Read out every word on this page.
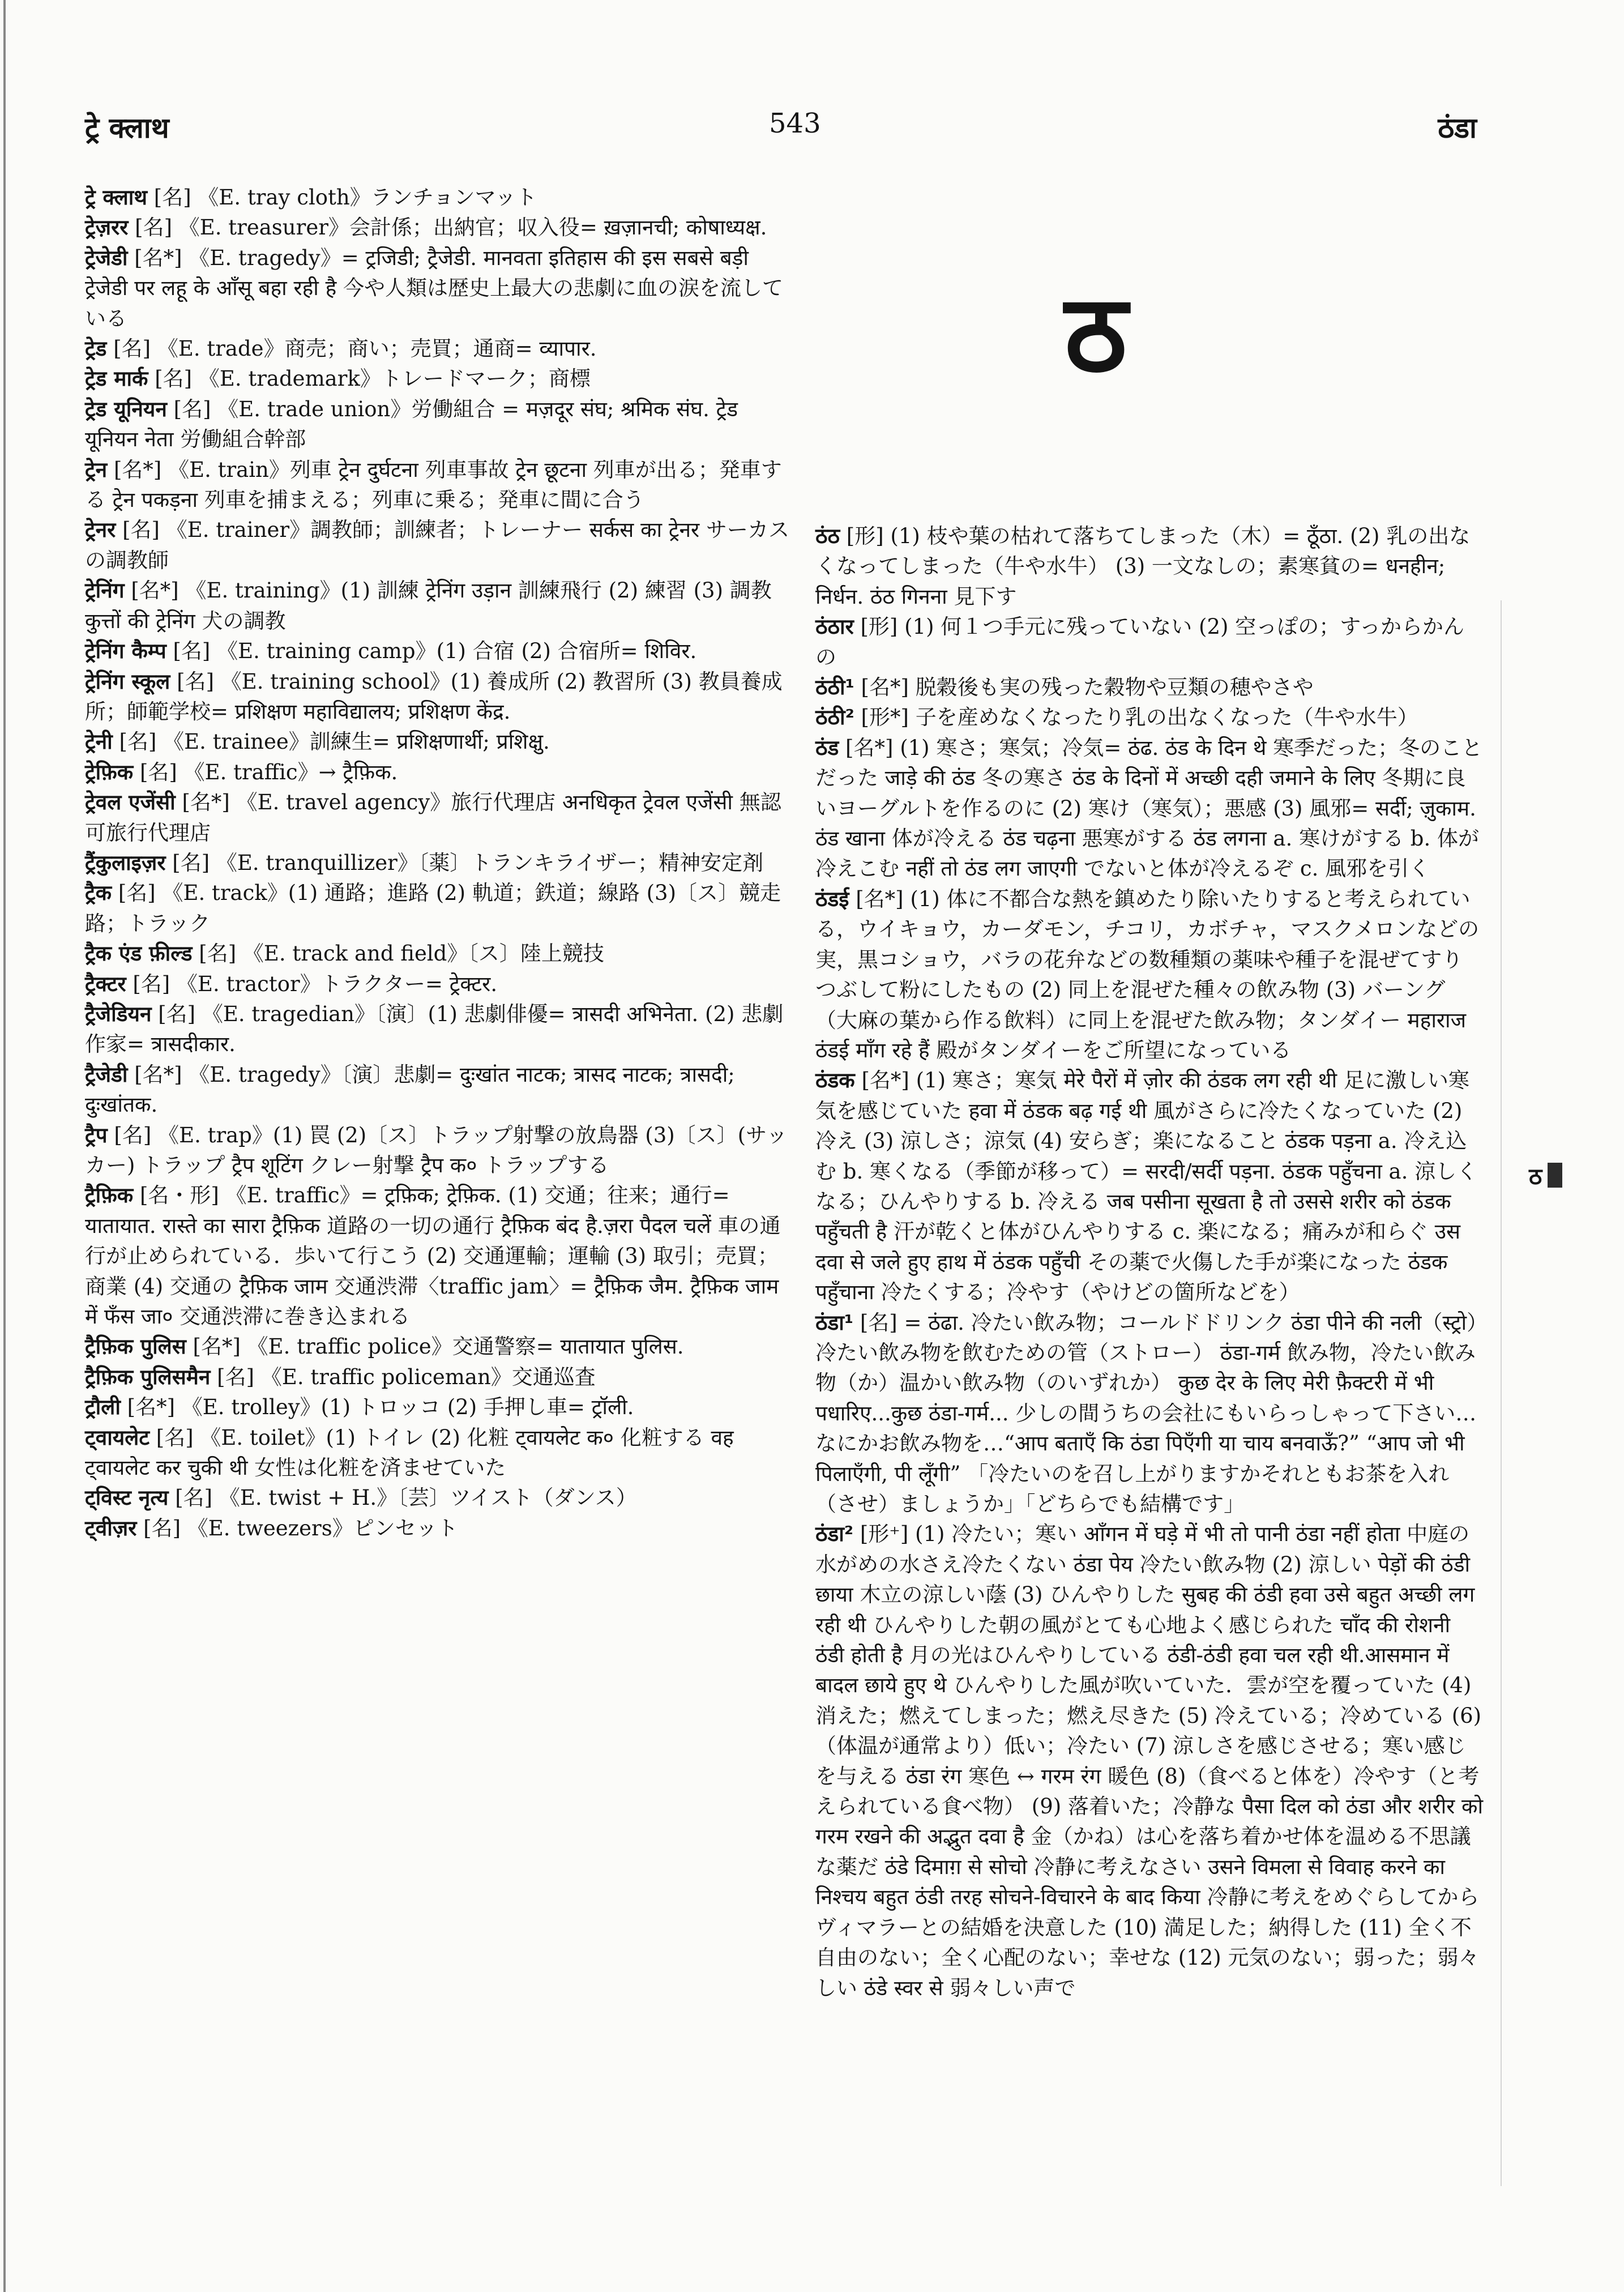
ट्रे क्लाथ	543	ठंडा

ट्रे क्लाथ [名] 《E. tray cloth》ランチョンマット

ट्रेज़रर [名] 《E. treasurer》会計係；出納官；収入役= ख़ज़ानची; कोषाध्यक्ष.

ट्रेजेडी [名*] 《E. tragedy》= ट्रजिडी; ट्रैजेडी. मानवता इतिहास की इस सबसे बड़ी ट्रेजेडी पर लहू के आँसू बहा रही है 今や人類は歴史上最大の悲劇に血の涙を流している

ट्रेड [名] 《E. trade》商売；商い；売買；通商= व्यापार.

ट्रेड मार्क [名] 《E. trademark》トレードマーク；商標

ट्रेड यूनियन [名] 《E. trade union》労働組合 = मज़दूर संघ; श्रमिक संघ. ट्रेड यूनियन नेता 労働組合幹部

ट्रेन [名*] 《E. train》列車 ट्रेन दुर्घटना 列車事故 ट्रेन छूटना 列車が出る；発車する ट्रेन पकड़ना 列車を捕まえる；列車に乗る；発車に間に合う

ट्रेनर [名] 《E. trainer》調教師；訓練者；トレーナー सर्कस का ट्रेनर サーカスの調教師

ट्रेनिंग [名*] 《E. training》(1) 訓練 ट्रेनिंग उड़ान 訓練飛行 (2) 練習 (3) 調教 कुत्तों की ट्रेनिंग 犬の調教

ट्रेनिंग कैम्प [名] 《E. training camp》(1) 合宿 (2) 合宿所= शिविर.

ट्रेनिंग स्कूल [名] 《E. training school》(1) 養成所 (2) 教習所 (3) 教員養成所；師範学校= प्रशिक्षण महाविद्यालय; प्रशिक्षण केंद्र.

ट्रेनी [名] 《E. trainee》訓練生= प्रशिक्षणार्थी; प्रशिक्षु.

ट्रेफ़िक [名] 《E. traffic》→ ट्रैफ़िक.

ट्रेवल एजेंसी [名*] 《E. travel agency》旅行代理店 अनधिकृत ट्रेवल एजेंसी 無認可旅行代理店

ट्रैंकुलाइज़र [名] 《E. tranquillizer》〔薬〕トランキライザー；精神安定剤

ट्रैक [名] 《E. track》(1) 通路；進路 (2) 軌道；鉄道；線路 (3)〔ス〕競走路；トラック

ट्रैक एंड फ़ील्ड [名] 《E. track and field》〔ス〕陸上競技

ट्रैक्टर [名] 《E. tractor》トラクター= ट्रेक्टर.

ट्रैजेडियन [名] 《E. tragedian》〔演〕(1) 悲劇俳優= त्रासदी अभिनेता. (2) 悲劇作家= त्रासदीकार.

ट्रैजेडी [名*] 《E. tragedy》〔演〕悲劇= दुःखांत नाटक; त्रासद नाटक; त्रासदी; दुःखांतक.

ट्रैप [名] 《E. trap》(1) 罠 (2)〔ス〕トラップ射撃の放鳥器 (3)〔ス〕(サッカー) トラップ ट्रैप शूटिंग クレー射撃 ट्रैप क० トラップする

ट्रैफ़िक [名・形] 《E. traffic》= ट्रफ़िक; ट्रेफ़िक. (1) 交通；往来；通行= यातायात. रास्ते का सारा ट्रैफ़िक 道路の一切の通行 ट्रैफ़िक बंद है.ज़रा पैदल चलें 車の通行が止められている．歩いて行こう (2) 交通運輸；運輸 (3) 取引；売買；商業 (4) 交通の ट्रैफ़िक जाम 交通渋滞〈traffic jam〉= ट्रैफ़िक जैम. ट्रैफ़िक जाम में फँस जा० 交通渋滞に巻き込まれる

ट्रैफ़िक पुलिस [名*] 《E. traffic police》交通警察= यातायात पुलिस.

ट्रैफ़िक पुलिसमैन [名] 《E. traffic policeman》交通巡査

ट्रौली [名*] 《E. trolley》(1) トロッコ (2) 手押し車= ट्रॉली.

ट्वायलेट [名] 《E. toilet》(1) トイレ (2) 化粧 ट्वायलेट क० 化粧する वह ट्वायलेट कर चुकी थी 女性は化粧を済ませていた

ट्विस्ट नृत्य [名] 《E. twist + H.》〔芸〕ツイスト（ダンス）

ट्वीज़र [名] 《E. tweezers》ピンセット

ठ

ठंठ [形] (1) 枝や葉の枯れて落ちてしまった（木）= ठूँठा. (2) 乳の出なくなってしまった（牛や水牛） (3) 一文なしの；素寒貧の= धनहीन; निर्धन. ठंठ गिनना 見下す

ठंठार [形] (1) 何１つ手元に残っていない (2) 空っぽの；すっからかんの

ठंठी¹ [名*] 脱穀後も実の残った穀物や豆類の穂やさや

ठंठी² [形*] 子を産めなくなったり乳の出なくなった（牛や水牛）

ठंड [名*] (1) 寒さ；寒気；冷気= ठंढ. ठंड के दिन थे 寒季だった；冬のことだった जाड़े की ठंड 冬の寒さ ठंड के दिनों में अच्छी दही जमाने के लिए 冬期に良いヨーグルトを作るのに (2) 寒け（寒気）；悪感 (3) 風邪= सर्दी; ज़ुकाम. ठंड खाना 体が冷える ठंड चढ़ना 悪寒がする ठंड लगना a. 寒けがする b. 体が冷えこむ नहीं तो ठंड लग जाएगी でないと体が冷えるぞ c. 風邪を引く

ठंडई [名*] (1) 体に不都合な熱を鎮めたり除いたりすると考えられている，ウイキョウ，カーダモン，チコリ，カボチャ，マスクメロンなどの実，黒コショウ，バラの花弁などの数種類の薬味や種子を混ぜてすりつぶして粉にしたもの (2) 同上を混ぜた種々の飲み物 (3) バーング（大麻の葉から作る飲料）に同上を混ぜた飲み物；タンダイー महाराज ठंडई माँग रहे हैं 殿がタンダイーをご所望になっている

ठंडक [名*] (1) 寒さ；寒気 मेरे पैरों में ज़ोर की ठंडक लग रही थी 足に激しい寒気を感じていた हवा में ठंडक बढ़ गई थी 風がさらに冷たくなっていた (2) 冷え (3) 涼しさ；涼気 (4) 安らぎ；楽になること ठंडक पड़ना a. 冷え込む b. 寒くなる（季節が移って）= सरदी/सर्दी पड़ना. ठंडक पहुँचना a. 涼しくなる；ひんやりする b. 冷える जब पसीना सूखता है तो उससे शरीर को ठंडक पहुँचती है 汗が乾くと体がひんやりする c. 楽になる；痛みが和らぐ उस दवा से जले हुए हाथ में ठंडक पहुँची その薬で火傷した手が楽になった ठंडक पहुँचाना 冷たくする；冷やす（やけどの箇所などを）

ठंडा¹ [名] = ठंढा. 冷たい飲み物；コールドドリンク ठंडा पीने की नली（स्ट्रो）冷たい飲み物を飲むための管（ストロー） ठंडा-गर्म 飲み物，冷たい飲み物（か）温かい飲み物（のいずれか） कुछ देर के लिए मेरी फ़ैक्टरी में भी पधारिए...कुछ ठंडा-गर्म... 少しの間うちの会社にもいらっしゃって下さい…なにかお飲み物を…“आप बताएँ कि ठंडा पिएँगी या चाय बनवाऊँ?” “आप जो भी पिलाएँगी, पी लूँगी” 「冷たいのを召し上がりますかそれともお茶を入れ（させ）ましょうか」「どちらでも結構です」

ठंडा² [形⁺] (1) 冷たい；寒い आँगन में घड़े में भी तो पानी ठंडा नहीं होता 中庭の水がめの水さえ冷たくない ठंडा पेय 冷たい飲み物 (2) 涼しい पेड़ों की ठंडी छाया 木立の涼しい蔭 (3) ひんやりした सुबह की ठंडी हवा उसे बहुत अच्छी लग रही थी ひんやりした朝の風がとても心地よく感じられた चाँद की रोशनी ठंडी होती है 月の光はひんやりしている ठंडी-ठंडी हवा चल रही थी.आसमान में बादल छाये हुए थे ひんやりした風が吹いていた．雲が空を覆っていた (4) 消えた；燃えてしまった；燃え尽きた (5) 冷えている；冷めている (6)（体温が通常より）低い；冷たい (7) 涼しさを感じさせる；寒い感じを与える ठंडा रंग 寒色 ↔ गरम रंग 暖色 (8)（食べると体を）冷やす（と考えられている食べ物） (9) 落着いた；冷静な पैसा दिल को ठंडा और शरीर को गरम रखने की अद्भुत दवा है 金（かね）は心を落ち着かせ体を温める不思議な薬だ ठंडे दिमाग़ से सोचो 冷静に考えなさい उसने विमला से विवाह करने का निश्चय बहुत ठंडी तरह सोचने-विचारने के बाद किया 冷静に考えをめぐらしてからヴィマラーとの結婚を決意した (10) 満足した；納得した (11) 全く不自由のない；全く心配のない；幸せな (12) 元気のない；弱った；弱々しい ठंडे स्वर से 弱々しい声で

ठ
